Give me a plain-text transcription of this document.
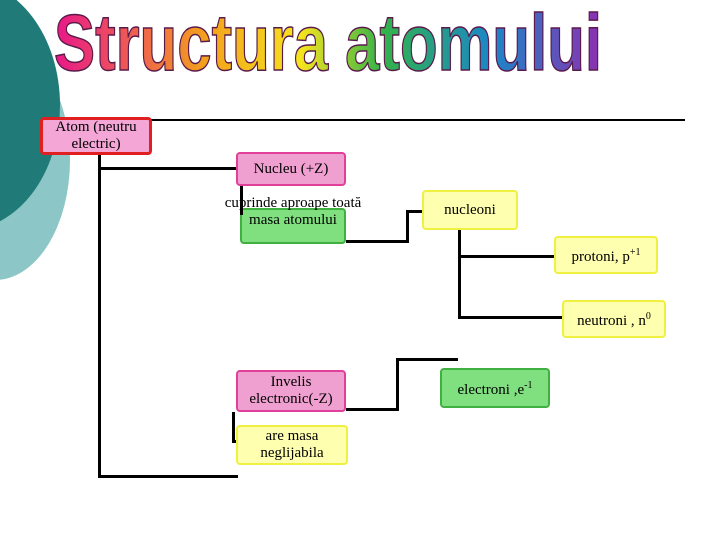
Structura atomului
Atom (neutru electric)
Nucleu (+Z)
cuprinde aproape toată masa atomului
nucleoni
protoni, $p^{+1}$
neutroni , $n^0$
Invelis electronic(-Z)
electroni $,e^{-1}$
are masa neglijabila
